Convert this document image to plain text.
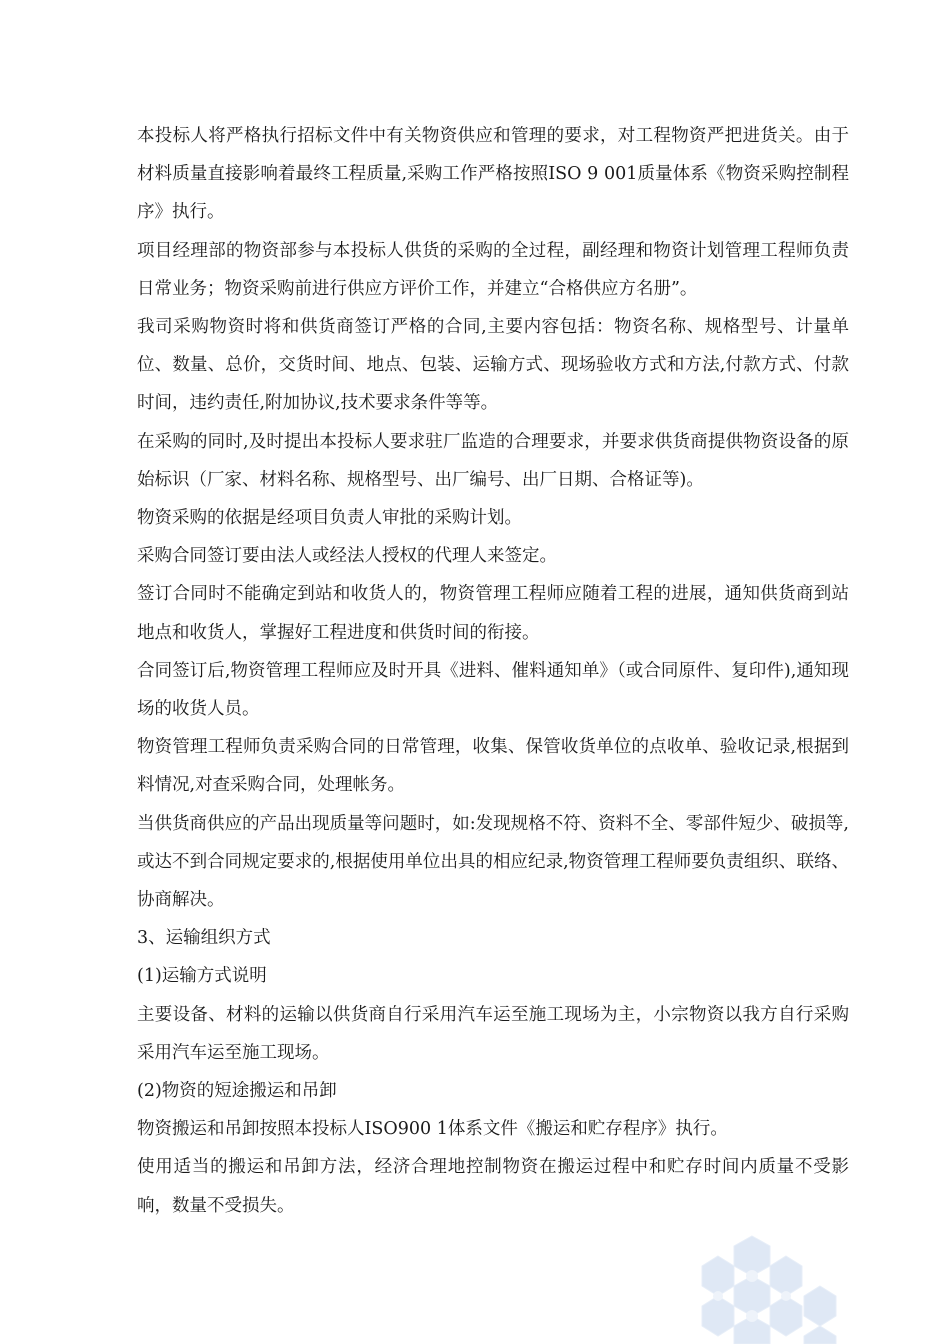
本投标人将严格执行招标文件中有关物资供应和管理的要求，对工程物资严把进货关。由于材料质量直接影响着最终工程质量,采购工作严格按照ISO 9 001质量体系《物资采购控制程序》执行。

项目经理部的物资部参与本投标人供货的采购的全过程，副经理和物资计划管理工程师负责日常业务；物资采购前进行供应方评价工作，并建立“合格供应方名册”。

我司采购物资时将和供货商签订严格的合同,主要内容包括：物资名称、规格型号、计量单位、数量、总价，交货时间、地点、包装、运输方式、现场验收方式和方法,付款方式、付款时间，违约责任,附加协议,技术要求条件等等。

在采购的同时,及时提出本投标人要求驻厂监造的合理要求，并要求供货商提供物资设备的原始标识（厂家、材料名称、规格型号、出厂编号、出厂日期、合格证等)。

物资采购的依据是经项目负责人审批的采购计划。

采购合同签订要由法人或经法人授权的代理人来签定。

签订合同时不能确定到站和收货人的，物资管理工程师应随着工程的进展，通知供货商到站地点和收货人，掌握好工程进度和供货时间的衔接。

合同签订后,物资管理工程师应及时开具《进料、催料通知单》（或合同原件、复印件),通知现场的收货人员。

物资管理工程师负责采购合同的日常管理，收集、保管收货单位的点收单、验收记录,根据到料情况,对查采购合同，处理帐务。

当供货商供应的产品出现质量等问题时，如:发现规格不符、资料不全、零部件短少、破损等,或达不到合同规定要求的,根据使用单位出具的相应纪录,物资管理工程师要负责组织、联络、协商解决。

3、运输组织方式

(1)运输方式说明

主要设备、材料的运输以供货商自行采用汽车运至施工现场为主，小宗物资以我方自行采购采用汽车运至施工现场。

(2)物资的短途搬运和吊卸

物资搬运和吊卸按照本投标人ISO900 1体系文件《搬运和贮存程序》执行。

使用适当的搬运和吊卸方法，经济合理地控制物资在搬运过程中和贮存时间内质量不受影响，数量不受损失。
